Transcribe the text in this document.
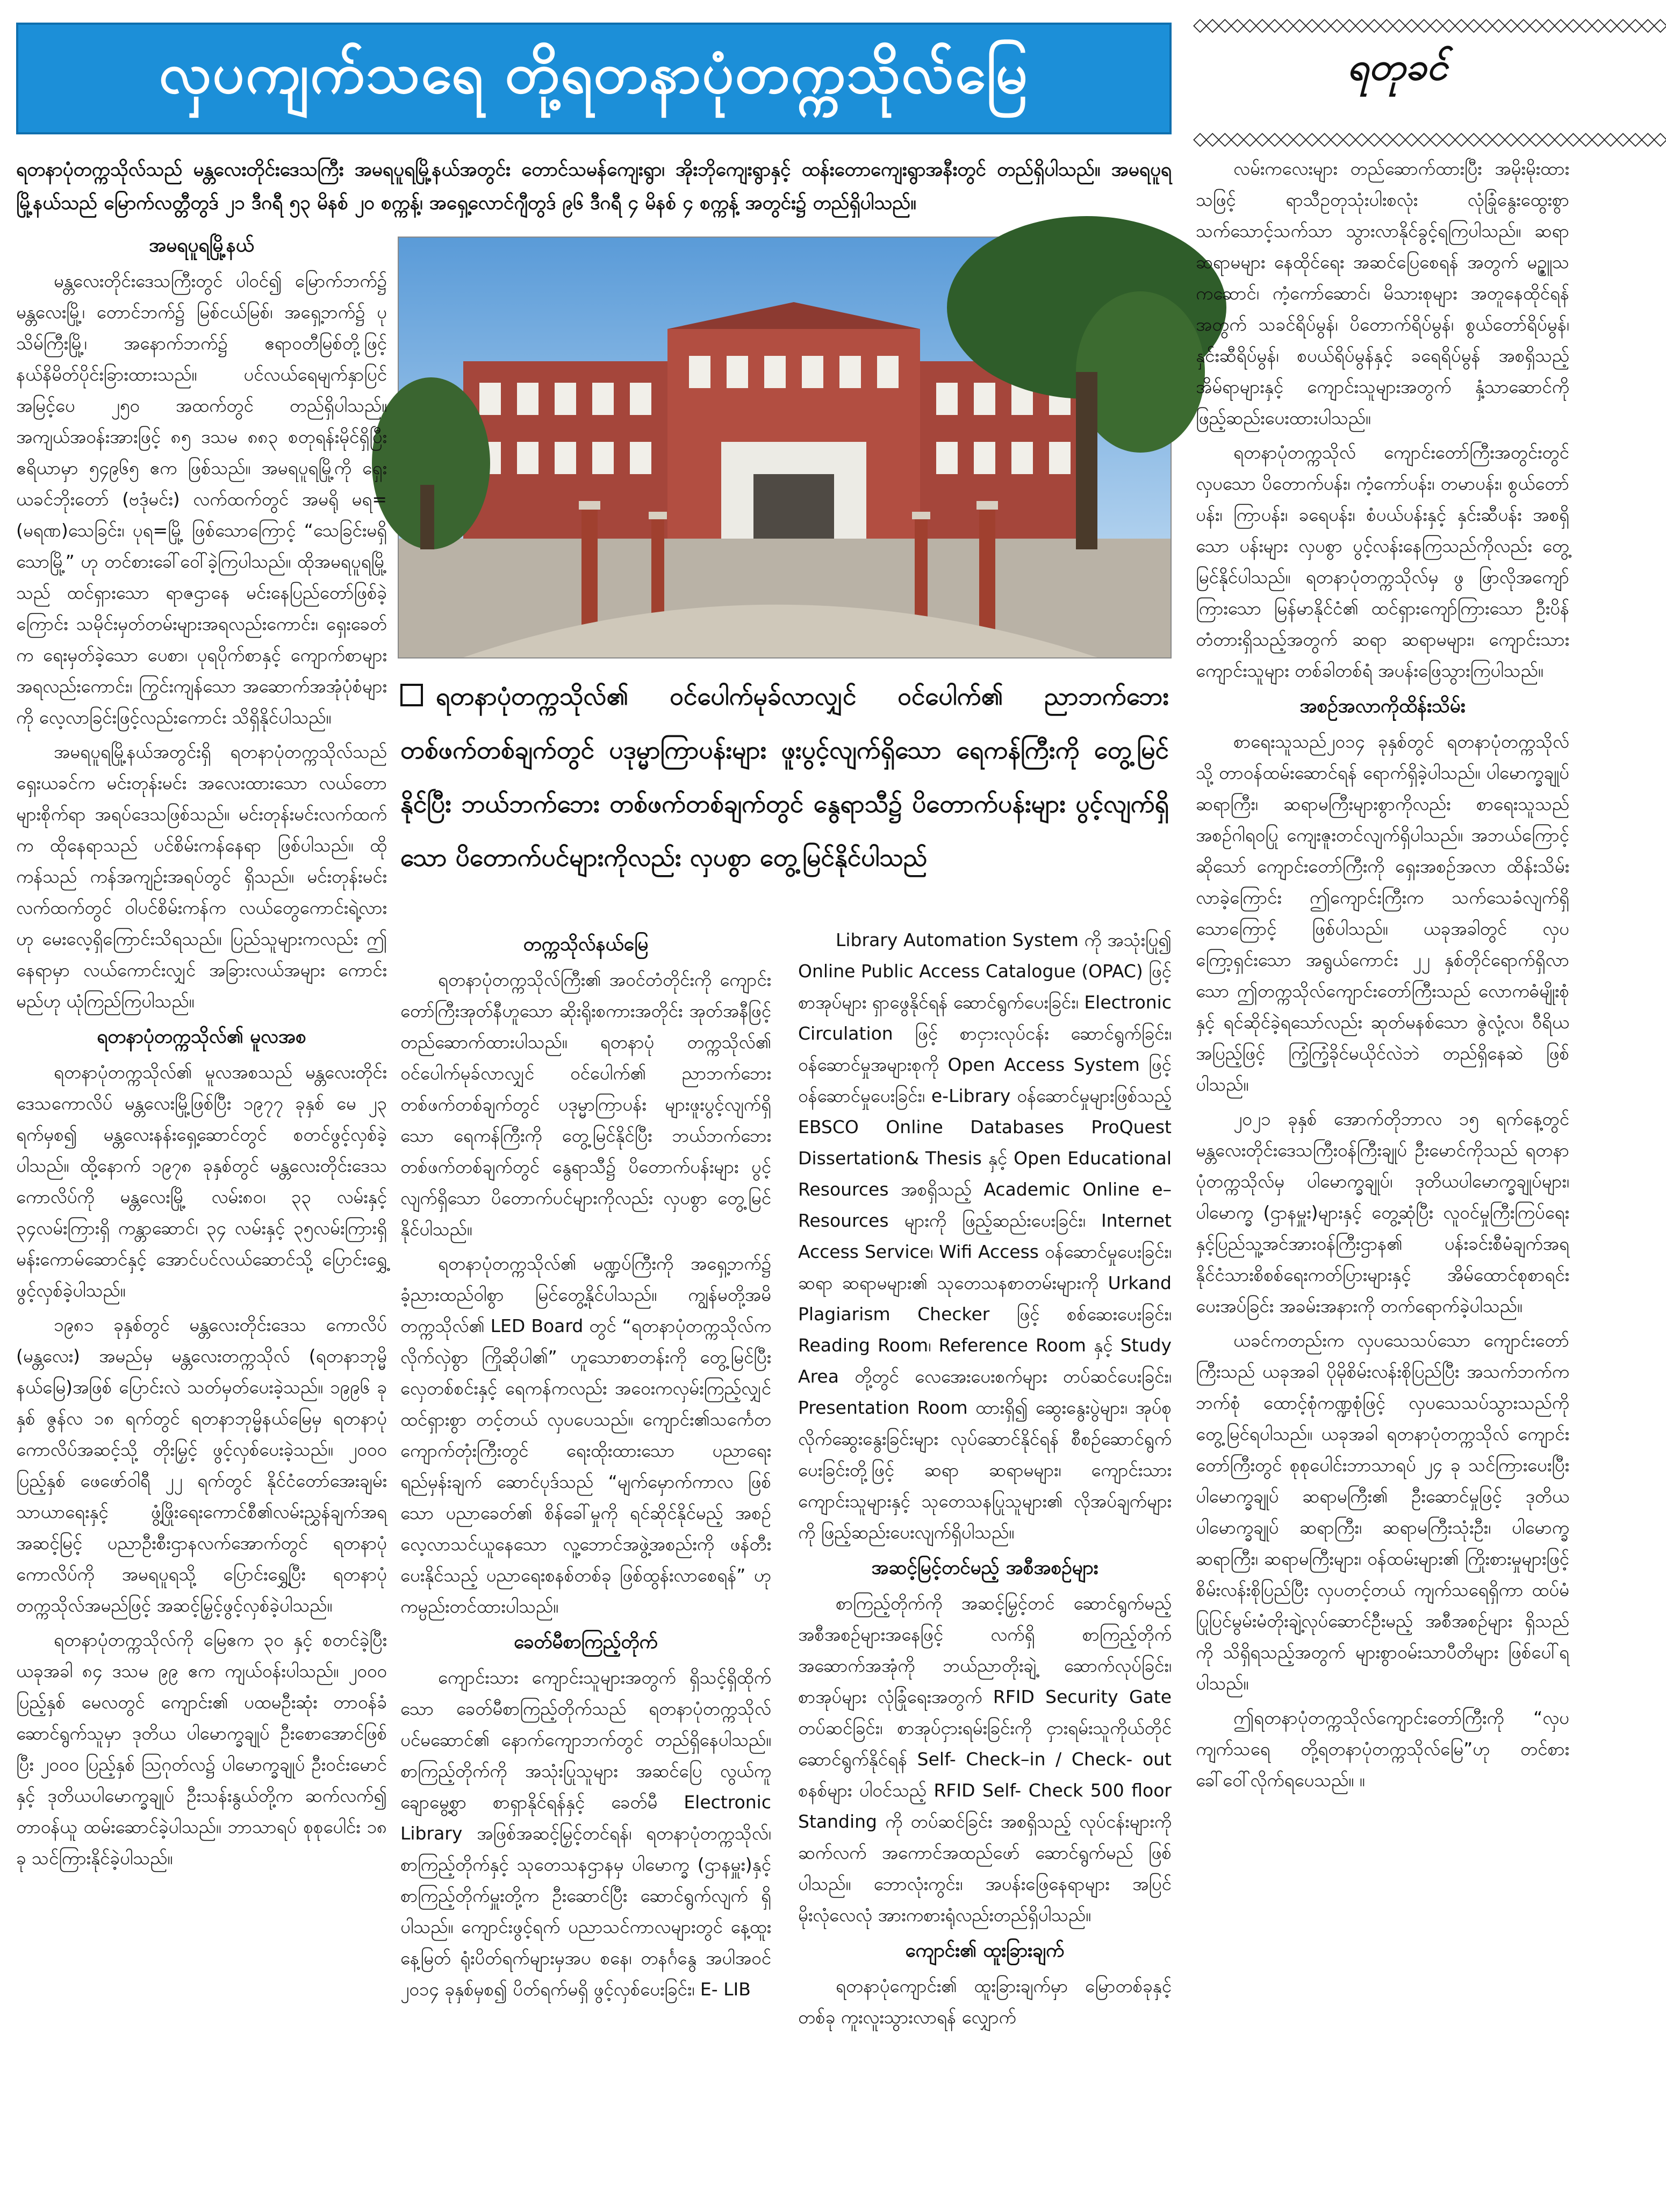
လှပကျက်သရေ တို့ရတနာပုံတက္ကသိုလ်မြေ
◇◇◇◇◇◇◇◇◇◇◇◇◇◇◇◇◇◇◇◇◇◇◇◇◇◇◇◇◇◇◇◇◇◇◇◇◇◇
ရတုခင်
◇◇◇◇◇◇◇◇◇◇◇◇◇◇◇◇◇◇◇◇◇◇◇◇◇◇◇◇◇◇◇◇◇◇◇◇◇◇
ရတနာပုံတက္ကသိုလ်သည် မန္တလေးတိုင်းဒေသကြီး အမရပူရမြို့နယ်အတွင်း တောင်သမန်ကျေးရွာ၊ အိုးဘိုကျေးရွာနှင့် ထန်းတောကျေးရွာအနီးတွင် တည်ရှိပါသည်။ အမရပူရမြို့နယ်သည် မြောက်လတ္တီတွဒ် ၂၁ ဒီဂရီ ၅၃ မိနစ် ၂၀ စက္ကန့်၊ အရှေ့လောင်ဂျီတွဒ် ၉၆ ဒီဂရီ ၄ မိနစ် ၄ စက္ကန့် အတွင်း၌ တည်ရှိပါသည်။
ရတနာပုံတက္ကသိုလ်၏ ဝင်ပေါက်မုခ်လာလျှင် ဝင်ပေါက်၏ ညာဘက်ဘေး တစ်ဖက်တစ်ချက်တွင် ပဒုမ္မာကြာပန်းများ ဖူးပွင့်လျက်ရှိသော ရေကန်ကြီးကို တွေ့မြင်နိုင်ပြီး ဘယ်ဘက်ဘေး တစ်ဖက်တစ်ချက်တွင် နွေရာသီ၌ ပိတောက်ပန်းများ ပွင့်လျက်ရှိသော ပိတောက်ပင်များကိုလည်း လှပစွာ တွေ့မြင်နိုင်ပါသည်
အမရပူရမြို့နယ်

မန္တလေးတိုင်းဒေသကြီးတွင် ပါဝင်၍ မြောက်ဘက်၌ မန္တလေးမြို့၊ တောင်ဘက်၌ မြစ်ငယ်မြစ်၊ အရှေ့ဘက်၌ ပုသိမ်ကြီးမြို့၊ အနောက်ဘက်၌ ဧရာဝတီမြစ်တို့ဖြင့် နယ်နိမိတ်ပိုင်းခြားထားသည်။ ပင်လယ်ရေမျက်နှာပြင် အမြင့်ပေ ၂၅၀ အထက်တွင် တည်ရှိပါသည်။ အကျယ်အဝန်းအားဖြင့် ၈၅ ဒသမ ၈၈၃ စတုရန်းမိုင်ရှိပြီး ဧရိယာမှာ ၅၄၉၆၅ ဧက ဖြစ်သည်။ အမရပူရမြို့ကို ရှေးယခင်ဘိုးတော် (ဗဒုံမင်း) လက်ထက်တွင် အမရို မရ= (မရဏ)သေခြင်း၊ ပုရ=မြို့ ဖြစ်သောကြောင့် “သေခြင်းမရှိသောမြို့” ဟု တင်စားခေါ်ဝေါ်ခဲ့ကြပါသည်။ ထိုအမရပူရမြို့သည် ထင်ရှားသော ရာဇဌာနေ မင်းနေပြည်တော်ဖြစ်ခဲ့ကြောင်း သမိုင်းမှတ်တမ်းများအရလည်းကောင်း၊ ရှေးခေတ်က ရေးမှတ်ခဲ့သော ပေစာ၊ ပုရပိုက်စာနှင့် ကျောက်စာများအရလည်းကောင်း၊ ကြွင်းကျန်သော အဆောက်အအုံပုံစံများကို လေ့လာခြင်းဖြင့်လည်းကောင်း သိရှိနိုင်ပါသည်။

အမရပူရမြို့နယ်အတွင်းရှိ ရတနာပုံတက္ကသိုလ်သည် ရှေးယခင်က မင်းတုန်းမင်း အလေးထားသော လယ်တောများစိုက်ရာ အရပ်ဒေသဖြစ်သည်။ မင်းတုန်းမင်းလက်ထက်က ထိုနေရာသည် ပင်စိမ်းကန်နေရာ ဖြစ်ပါသည်။ ထိုကန်သည် ကန်အကျဉ်းအရပ်တွင် ရှိသည်။ မင်းတုန်းမင်းလက်ထက်တွင် ဝါပင်စိမ်းကန်က လယ်တွေကောင်းရဲ့လားဟု မေးလေ့ရှိကြောင်းသိရသည်။ ပြည်သူများကလည်း ဤနေရာမှာ လယ်ကောင်းလျှင် အခြားလယ်အများ ကောင်းမည်ဟု ယုံကြည်ကြပါသည်။

ရတနာပုံတက္ကသိုလ်၏ မူလအစ

ရတနာပုံတက္ကသိုလ်၏ မူလအစသည် မန္တလေးတိုင်း ဒေသကောလိပ် မန္တလေးမြို့ဖြစ်ပြီး ၁၉၇၇ ခုနှစ် မေ ၂၃ ရက်မှစ၍ မန္တလေးနန်းရှေ့ဆောင်တွင် စတင်ဖွင့်လှစ်ခဲ့ပါသည်။ ထို့နောက် ၁၉၇၈ ခုနှစ်တွင် မန္တလေးတိုင်းဒေသကောလိပ်ကို မန္တလေးမြို့ လမ်း၈၀၊ ၃၃ လမ်းနှင့် ၃၄လမ်းကြားရှိ ကန္တာဆောင်၊ ၃၄ လမ်းနှင့် ၃၅လမ်းကြားရှိ မန်းကောမ်ဆောင်နှင့် အောင်ပင်လယ်ဆောင်သို့ ပြောင်းရွှေ့ ဖွင့်လှစ်ခဲ့ပါသည်။

၁၉၈၁ ခုနှစ်တွင် မန္တလေးတိုင်းဒေသ ကောလိပ် (မန္တလေး) အမည်မှ မန္တလေးတက္ကသိုလ် (ရတနာဘုမ္မိနယ်မြေ)အဖြစ် ပြောင်းလဲ သတ်မှတ်ပေးခဲ့သည်။ ၁၉၉၆ ခုနှစ် ဇွန်လ ၁၈ ရက်တွင် ရတနာဘုမ္မိနယ်မြေမှ ရတနာပုံကောလိပ်အဆင့်သို့ တိုးမြှင့် ဖွင့်လှစ်ပေးခဲ့သည်။ ၂၀၀၀ ပြည့်နှစ် ဖေဖော်ဝါရီ ၂၂ ရက်တွင် နိုင်ငံတော်အေးချမ်းသာယာရေးနှင့် ဖွံ့ဖြိုးရေးကောင်စီ၏လမ်းညွှန်ချက်အရ အဆင့်မြင့် ပညာဦးစီးဌာနလက်အောက်တွင် ရတနာပုံ ကောလိပ်ကို အမရပူရသို့ ပြောင်းရွှေ့ပြီး ရတနာပုံ တက္ကသိုလ်အမည်ဖြင့် အဆင့်မြှင့်ဖွင့်လှစ်ခဲ့ပါသည်။

ရတနာပုံတက္ကသိုလ်ကို မြေဧက ၃၀ နှင့် စတင်ခဲ့ပြီး ယခုအခါ ၈၄ ဒသမ ၉၉ ဧက ကျယ်ဝန်းပါသည်။ ၂၀၀၀ ပြည့်နှစ် မေလတွင် ကျောင်း၏ ပထမဦးဆုံး တာဝန်ခံဆောင်ရွက်သူမှာ ဒုတိယ ပါမောက္ခချုပ် ဦးစောအောင်ဖြစ်ပြီး ၂၀၀၀ ပြည့်နှစ် ဩဂုတ်လ၌ ပါမောက္ခချုပ် ဦးဝင်းမောင်နှင့် ဒုတိယပါမောက္ခချုပ် ဦးသန်းနွယ်တို့က ဆက်လက်၍ တာဝန်ယူ ထမ်းဆောင်ခဲ့ပါသည်။ ဘာသာရပ် စုစုပေါင်း ၁၈ ခု သင်ကြားနိုင်ခဲ့ပါသည်။

တက္ကသိုလ်နယ်မြေ

ရတနာပုံတက္ကသိုလ်ကြီး၏ အဝင်တံတိုင်းကို ကျောင်းတော်ကြီးအုတ်နီဟူသော ဆိုးရိုးစကားအတိုင်း အုတ်အနီဖြင့် တည်ဆောက်ထားပါသည်။ ရတနာပုံ တက္ကသိုလ်၏ ဝင်ပေါက်မုခ်လာလျှင် ဝင်ပေါက်၏ ညာဘက်ဘေးတစ်ဖက်တစ်ချက်တွင် ပဒုမ္မာကြာပန်း များဖူးပွင့်လျက်ရှိသော ရေကန်ကြီးကို တွေ့မြင်နိုင်ပြီး ဘယ်ဘက်ဘေး တစ်ဖက်တစ်ချက်တွင် နွေရာသီ၌ ပိတောက်ပန်းများ ပွင့်လျက်ရှိသော ပိတောက်ပင်များကိုလည်း လှပစွာ တွေ့မြင်နိုင်ပါသည်။

ရတနာပုံတက္ကသိုလ်၏ မဏ္ဍပ်ကြီးကို အရှေ့ဘက်၌ ခံ့ညားထည်ဝါစွာ မြင်တွေ့နိုင်ပါသည်။ ကျွန်မတို့အမိတက္ကသိုလ်၏ LED Board တွင် “ရတနာပုံတက္ကသိုလ်က လိုက်လှဲစွာ ကြိုဆိုပါ၏” ဟူသောစာတန်းကို တွေ့မြင်ပြီး လှေတစ်စင်းနှင့် ရေကန်ကလည်း အဝေးကလှမ်းကြည့်လျှင် ထင်ရှားစွာ တင့်တယ် လှပပေသည်။ ကျောင်း၏သင်္ကေတ ကျောက်တုံးကြီးတွင် ရေးထိုးထားသော ပညာရေး ရည်မှန်းချက် ဆောင်ပုဒ်သည် “မျက်မှောက်ကာလ ဖြစ်သော ပညာခေတ်၏ စိန်ခေါ်မှုကို ရင်ဆိုင်နိုင်မည့် အစဉ်လေ့လာသင်ယူနေသော လူ့ဘောင်အဖွဲ့အစည်းကို ဖန်တီးပေးနိုင်သည့် ပညာရေးစနစ်တစ်ခု ဖြစ်ထွန်းလာစေရန်” ဟု ကမ္ပည်းတင်ထားပါသည်။

ခေတ်မီစာကြည့်တိုက်

ကျောင်းသား ကျောင်းသူများအတွက် ရှိသင့်ရှိထိုက်သော ခေတ်မီစာကြည့်တိုက်သည် ရတနာပုံတက္ကသိုလ် ပင်မဆောင်၏ နောက်ကျောဘက်တွင် တည်ရှိနေပါသည်။ စာကြည့်တိုက်ကို အသုံးပြုသူများ အဆင်ပြေ လွယ်ကူချောမွေ့စွာ စာရှာနိုင်ရန်နှင့် ခေတ်မီ Electronic Library အဖြစ်အဆင့်မြှင့်တင်ရန်၊ ရတနာပုံတက္ကသိုလ်၊ စာကြည့်တိုက်နှင့် သုတေသနဌာနမှ ပါမောက္ခ (ဌာနမှူး)နှင့် စာကြည့်တိုက်မှူးတို့က ဦးဆောင်ပြီး ဆောင်ရွက်လျက် ရှိပါသည်။ ကျောင်းဖွင့်ရက် ပညာသင်ကာလများတွင် နေ့ထူးနေ့မြတ် ရုံးပိတ်ရက်များမှအပ စနေ၊ တနင်္ဂနွေ အပါအဝင် ၂၀၁၄ ခုနှစ်မှစ၍ ပိတ်ရက်မရှိ ဖွင့်လှစ်ပေးခြင်း၊ E- LIB

Library Automation System ကို အသုံးပြု၍ Online Public Access Catalogue (OPAC) ဖြင့် စာအုပ်များ ရှာဖွေနိုင်ရန် ဆောင်ရွက်ပေးခြင်း၊ Electronic Circulation ဖြင့် စာငှားလုပ်ငန်း ဆောင်ရွက်ခြင်း၊ ဝန်ဆောင်မှုအများစုကို Open Access System ဖြင့် ဝန်ဆောင်မှုပေးခြင်း၊ e-Library ဝန်ဆောင်မှုများဖြစ်သည့် EBSCO Online Databases ProQuest Dissertation& Thesis နှင့် Open Educational Resources အစရှိသည့် Academic Online e– Resources များကို ဖြည့်ဆည်းပေးခြင်း၊ Internet Access Service၊ Wifi Access ဝန်ဆောင်မှုပေးခြင်း၊ ဆရာ ဆရာမများ၏ သုတေသနစာတမ်းများကို Urkand Plagiarism Checker ဖြင့် စစ်ဆေးပေးခြင်း၊ Reading Room၊ Reference Room နှင့် Study Area တို့တွင် လေအေးပေးစက်များ တပ်ဆင်ပေးခြင်း၊ Presentation Room ထားရှိ၍ ဆွေးနွေးပွဲများ၊ အုပ်စုလိုက်ဆွေးနွေးခြင်းများ လုပ်ဆောင်နိုင်ရန် စီစဉ်ဆောင်ရွက်ပေးခြင်းတို့ဖြင့် ဆရာ ဆရာမများ၊ ကျောင်းသား ကျောင်းသူများနှင့် သုတေသနပြုသူများ၏ လိုအပ်ချက်များကို ဖြည့်ဆည်းပေးလျက်ရှိပါသည်။

အဆင့်မြင့်တင်မည့် အစီအစဉ်များ

စာကြည့်တိုက်ကို အဆင့်မြှင့်တင် ဆောင်ရွက်မည့် အစီအစဉ်များအနေဖြင့် လက်ရှိ စာကြည့်တိုက် အဆောက်အအုံကို ဘယ်ညာတိုးချဲ့ ဆောက်လုပ်ခြင်း၊ စာအုပ်များ လုံခြုံရေးအတွက် RFID Security Gate တပ်ဆင်ခြင်း၊ စာအုပ်ငှားရမ်းခြင်းကို ငှားရမ်းသူကိုယ်တိုင် ဆောင်ရွက်နိုင်ရန် Self- Check–in / Check- out စနစ်များ ပါဝင်သည့် RFID Self- Check 500 floor Standing ကို တပ်ဆင်ခြင်း အစရှိသည့် လုပ်ငန်းများကို ဆက်လက် အကောင်အထည်ဖော် ဆောင်ရွက်မည် ဖြစ်ပါသည်။ ဘောလုံးကွင်း၊ အပန်းဖြေနေရာများ အပြင် မိုးလုံလေလုံ အားကစားရုံလည်းတည်ရှိပါသည်။

ကျောင်း၏ ထူးခြားချက်

ရတနာပုံကျောင်း၏ ထူးခြားချက်မှာ မြောတစ်ခုနှင့်တစ်ခု ကူးလူးသွားလာရန် လျှောက်

လမ်းကလေးများ တည်ဆောက်ထားပြီး အမိုးမိုးထားသဖြင့် ရာသီဥတုသုံးပါးစလုံး လုံခြုံနွေးထွေးစွာ သက်သောင့်သက်သာ သွားလာနိုင်ခွင့်ရကြပါသည်။ ဆရာ ဆရာမများ နေထိုင်ရေး အဆင်ပြေစေရန် အတွက် မဥ္ဇူသကဆောင်၊ ကံ့ကော်ဆောင်၊ မိသားစုများ အတူနေထိုင်ရန်အတွက် သခင်ရိပ်မွန်၊ ပိတောက်ရိပ်မွန်၊ စွယ်တော်ရိပ်မွန်၊ နှင်းဆီရိပ်မွန်၊ စပယ်ရိပ်မွန်နှင့် ခရေရိပ်မွန် အစရှိသည့် အိမ်ရာများနှင့် ကျောင်းသူများအတွက် နှံ့သာဆောင်ကို ဖြည့်ဆည်းပေးထားပါသည်။

ရတနာပုံတက္ကသိုလ် ကျောင်းတော်ကြီးအတွင်းတွင် လှပသော ပိတောက်ပန်း၊ ကံ့ကော်ပန်း၊ တမာပန်း၊ စွယ်တော်ပန်း၊ ကြာပန်း၊ ခရေပန်း၊ စံပယ်ပန်းနှင့် နှင်းဆီပန်း အစရှိသော ပန်းများ လှပစွာ ပွင့်လန်းနေကြသည်ကိုလည်း တွေ့မြင်နိုင်ပါသည်။ ရတနာပုံတက္ကသိုလ်မှ ဖွ ဖြာလိုအကျော်ကြားသော မြန်မာနိုင်ငံ၏ ထင်ရှားကျော်ကြားသော ဦးပိန်တံတားရှိသည့်အတွက် ဆရာ ဆရာမများ၊ ကျောင်းသား ကျောင်းသူများ တစ်ခါတစ်ရံ အပန်းဖြေသွားကြပါသည်။

အစဉ်အလာကိုထိန်းသိမ်း

စာရေးသူသည်၂၀၁၄ ခုနှစ်တွင် ရတနာပုံတက္ကသိုလ်သို့ တာဝန်ထမ်းဆောင်ရန် ရောက်ရှိခဲ့ပါသည်။ ပါမောက္ခချုပ်ဆရာကြီး၊ ဆရာမကြီးများစွာကိုလည်း စာရေးသူသည် အစဉ်ဂါရဝပြု ကျေးဇူးတင်လျက်ရှိပါသည်။ အဘယ်ကြောင့်ဆိုသော် ကျောင်းတော်ကြီးကို ရှေးအစဉ်အလာ ထိန်းသိမ်းလာခဲ့ကြောင်း ဤကျောင်းကြီးက သက်သေခံလျက်ရှိသောကြောင့် ဖြစ်ပါသည်။ ယခုအခါတွင် လှပကြော့ရှင်းသော အရွယ်ကောင်း ၂၂ နှစ်တိုင်ရောက်ရှိလာသော ဤတက္ကသိုလ်ကျောင်းတော်ကြီးသည် လောကဓံမျိုးစုံနှင့် ရင်ဆိုင်ခဲ့ရသော်လည်း ဆုတ်မနစ်သော ဇွဲလုံ့လ၊ ဝီရိယအပြည့်ဖြင့် ကြံ့ကြံ့ခိုင်မယိုင်လဲဘဲ တည်ရှိနေဆဲ ဖြစ်ပါသည်။

၂၀၂၁ ခုနှစ် အောက်တိုဘာလ ၁၅ ရက်နေ့တွင် မန္တလေးတိုင်းဒေသကြီးဝန်ကြီးချုပ် ဦးမောင်ကိုသည် ရတနာပုံတက္ကသိုလ်မှ ပါမောက္ခချုပ်၊ ဒုတိယပါမောက္ခချုပ်များ၊ ပါမောက္ခ (ဌာနမှူး)များနှင့် တွေ့ဆုံပြီး လူဝင်မှုကြီးကြပ်ရေးနှင့်ပြည်သူ့အင်အားဝန်ကြီးဌာန၏ ပန်းခင်းစီမံချက်အရ နိုင်ငံသားစိစစ်ရေးကတ်ပြားများနှင့် အိမ်ထောင်စုစာရင်းပေးအပ်ခြင်း အခမ်းအနားကို တက်ရောက်ခဲ့ပါသည်။

ယခင်ကတည်းက လှပသေသပ်သော ကျောင်းတော်ကြီးသည် ယခုအခါ ပိုမိုစိမ်းလန်းစိုပြည်ပြီး အသက်ဘက်က ဘက်စုံ ထောင့်စုံကဏ္ဍစုံဖြင့် လှပသေသပ်သွားသည်ကို တွေ့မြင်ရပါသည်။ ယခုအခါ ရတနာပုံတက္ကသိုလ် ကျောင်းတော်ကြီးတွင် စုစုပေါင်းဘာသာရပ် ၂၄ ခု သင်ကြားပေးပြီး ပါမောက္ခချုပ် ဆရာမကြီး၏ ဦးဆောင်မှုဖြင့် ဒုတိယ ပါမောက္ခချုပ် ဆရာကြီး၊ ဆရာမကြီးသုံးဦး၊ ပါမောက္ခ ဆရာကြီး၊ ဆရာမကြီးများ၊ ဝန်ထမ်းများ၏ ကြိုးစားမှုများဖြင့် စိမ်းလန်းစိုပြည်ပြီး လှပတင့်တယ် ကျက်သရေရှိကာ ထပ်မံ ပြုပြင်မွမ်းမံတိုးချဲ့လုပ်ဆောင်ဦးမည့် အစီအစဉ်များ ရှိသည်ကို သိရှိရသည့်အတွက် များစွာဝမ်းသာပီတိများ ဖြစ်ပေါ်ရပါသည်။

ဤရတနာပုံတက္ကသိုလ်ကျောင်းတော်ကြီးကို “လှပကျက်သရေ တို့ရတနာပုံတက္ကသိုလ်မြေ”ဟု တင်စားခေါ်ဝေါ်လိုက်ရပေသည်။ ။
